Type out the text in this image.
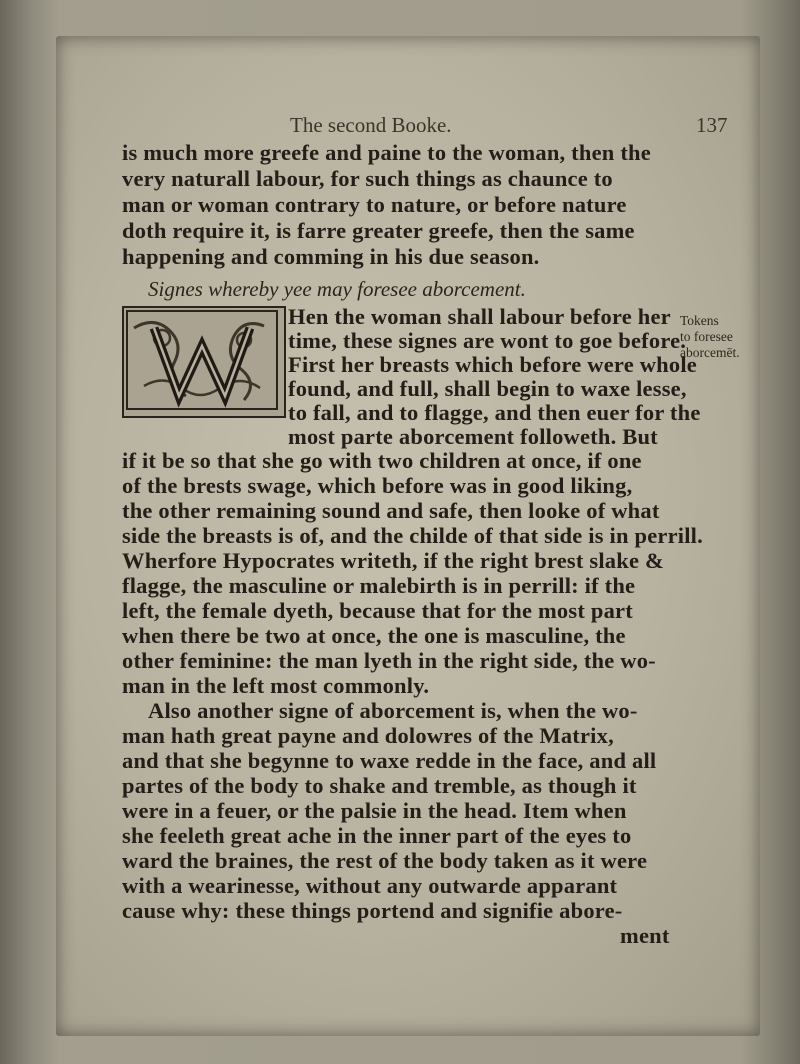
The second Booke.	137
is much more greefe and paine to the woman, then the
very naturall labour, for such things as chaunce to
man or woman contrary to nature, or before nature
doth require it, is farre greater greefe, then the same
happening and comming in his due season.
Signes whereby yee may foresee aborcement.
Hen the woman shall labour before her
time, these signes are wont to goe before.
First her breasts which before were whole
found, and full, shall begin to waxe lesse,
to fall, and to flagge, and then euer for the
most parte aborcement followeth. But
if it be so that she go with two children at once, if one
of the brests swage, which before was in good liking,
the other remaining sound and safe, then looke of what
side the breasts is of, and the childe of that side is in perrill.
Wherfore Hypocrates writeth, if the right brest slake &
flagge, the masculine or malebirth is in perrill: if the
left, the female dyeth, because that for the most part
when there be two at once, the one is masculine, the
other feminine: the man lyeth in the right side, the wo-
man in the left most commonly.
Also another signe of aborcement is, when the wo-
man hath great payne and dolowres of the Matrix,
and that she begynne to waxe redde in the face, and all
partes of the body to shake and tremble, as though it
were in a feuer, or the palsie in the head. Item when
she feeleth great ache in the inner part of the eyes to
ward the braines, the rest of the body taken as it were
with a wearinesse, without any outwarde apparant
cause why: these things portend and signifie abore-
ment
Tokens
to foresee
aborcemēt.
